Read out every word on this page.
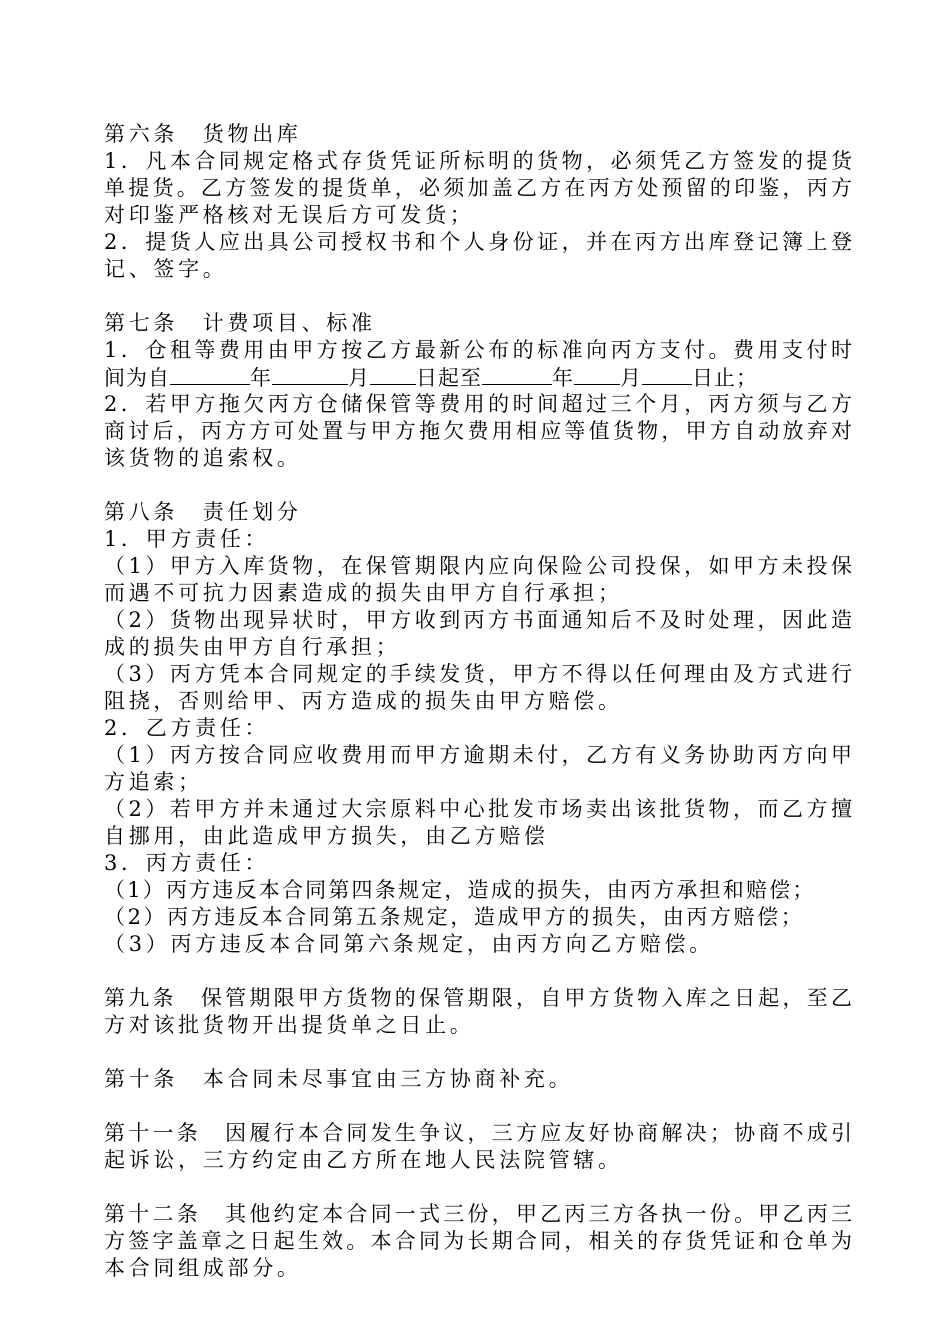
第六条　货物出库
1．凡本合同规定格式存货凭证所标明的货物，必须凭乙方签发的提货
单提货。乙方签发的提货单，必须加盖乙方在丙方处预留的印鉴，丙方
对印鉴严格核对无误后方可发货；
2．提货人应出具公司授权书和个人身份证，并在丙方出库登记簿上登
记、签字。
第七条　计费项目、标准
1．仓租等费用由甲方按乙方最新公布的标准向丙方支付。费用支付时
间为自	年	月 日起至	年 月 日止；
2．若甲方拖欠丙方仓储保管等费用的时间超过三个月，丙方须与乙方
商讨后，丙方方可处置与甲方拖欠费用相应等值货物，甲方自动放弃对
该货物的追索权。
第八条　责任划分
1．甲方责任：
（1）甲方入库货物，在保管期限内应向保险公司投保，如甲方未投保
而遇不可抗力因素造成的损失由甲方自行承担；
（2）货物出现异状时，甲方收到丙方书面通知后不及时处理，因此造
成的损失由甲方自行承担；
（3）丙方凭本合同规定的手续发货，甲方不得以任何理由及方式进行
阻挠，否则给甲、丙方造成的损失由甲方赔偿。
2．乙方责任：
（1）丙方按合同应收费用而甲方逾期未付，乙方有义务协助丙方向甲
方追索；
（2）若甲方并未通过大宗原料中心批发市场卖出该批货物，而乙方擅
自挪用，由此造成甲方损失，由乙方赔偿
3．丙方责任：
（1）丙方违反本合同第四条规定，造成的损失，由丙方承担和赔偿；
（2）丙方违反本合同第五条规定，造成甲方的损失，由丙方赔偿；
（3）丙方违反本合同第六条规定，由丙方向乙方赔偿。
第九条　保管期限甲方货物的保管期限，自甲方货物入库之日起，至乙
方对该批货物开出提货单之日止。
第十条　本合同未尽事宜由三方协商补充。
第十一条　因履行本合同发生争议，三方应友好协商解决；协商不成引
起诉讼，三方约定由乙方所在地人民法院管辖。
第十二条　其他约定本合同一式三份，甲乙丙三方各执一份。甲乙丙三
方签字盖章之日起生效。本合同为长期合同，相关的存货凭证和仓单为
本合同组成部分。
